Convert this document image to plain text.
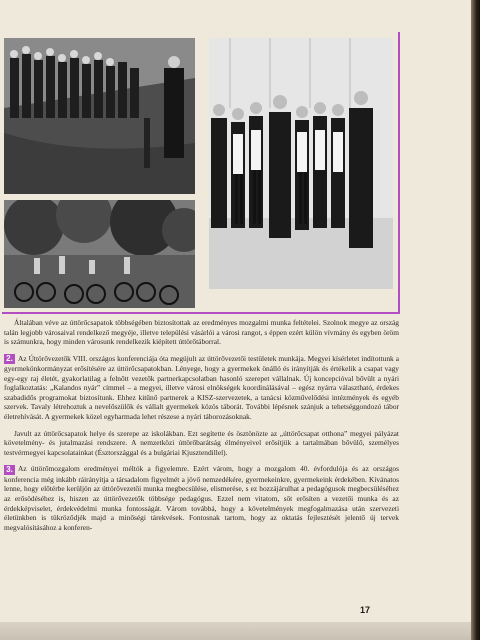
Általában véve az úttörőcsapatok többségében biztosítottak az eredményes mozgalmi munka feltételei. Szolnok megye az ország talán legjobb városaival rendelkező megyéje, illetve települési vásárlói a városi rangot, s éppen ezért külön vívmány és egyben öröm is számunkra, hogy minden városunk rendelkezik kiépített úttörőtáborral.

2. Az Úttörővezetők VIII. országos konferenciája óta megújult az úttörővezetői testületek munkája. Megyei kísérletet indítottunk a gyermekönkormányzat erősítésére az úttörőcsapatokban. Lényege, hogy a gyermekek önálló és irányítják és értékelik a csapat vagy egy-egy raj életét, gyakorlatilag a felnőtt vezetők partnerkapcsolatban hasonló szerepet vállalnak. Új koncepcióval bővült a nyári foglalkoztatás: „Kalandos nyár” címmel – a megyei, illetve városi elnökségek koordinálásával – egész nyárra választható, érdekes szabadidős programokat biztosítunk. Ehhez kitűnő partnerek a KISZ-szervezetek, a tanácsi közművelődési intézmények és egyéb szervek. Tavaly létrehoztuk a nevelőszülők és vállalt gyermekek közös táborát. További lépésnek szánjuk a tehetséggondozó tábor életrehívását. A gyermekek közel egyharmada lehet részese a nyári táborozásoknak.

Javult az úttörőcsapatok helye és szerepe az iskolákban. Ezt segítette és ösztönözte az „úttörőcsapat otthona” megyei pályázat követelmény- és jutalmazási rendszere. A nemzetközi úttörőbarátság élményeivel erősítjük a tartalmában bővülő, személyes testvérmegyei kapcsolatainkat (Észtországgal és a bulgáriai Kjusztendillel).

3. Az úttörőmozgalom eredményei méltók a figyelemre. Ezért várom, hogy a mozgalom 40. évfordulója és az országos konferencia még inkább ráirányítja a társadalom figyelmét a jövő nemzedékére, gyermekeinkre, gyermekeink érdekében. Kívánatos lenne, hogy előtérbe kerüljön az úttörővezetői munka megbecsülése, elismerése, s ez hozzájárulhat a pedagógusok megbecsüléséhez az erősödéséhez is, hiszen az úttörővezetők többsége pedagógus. Ezzel nem vitatom, sőt erősíten a vezetői munka és az érdekképviselet, érdekvédelmi munka fontosságát. Várom továbbá, hogy a követelmények megfogalmazása után szervezeti életünkben is tükröződjék majd a minőségi tárekvések. Fontosnak tartom, hogy az oktatás fejlesztését jelentő új tervek megvalósításához a konferen-

17
